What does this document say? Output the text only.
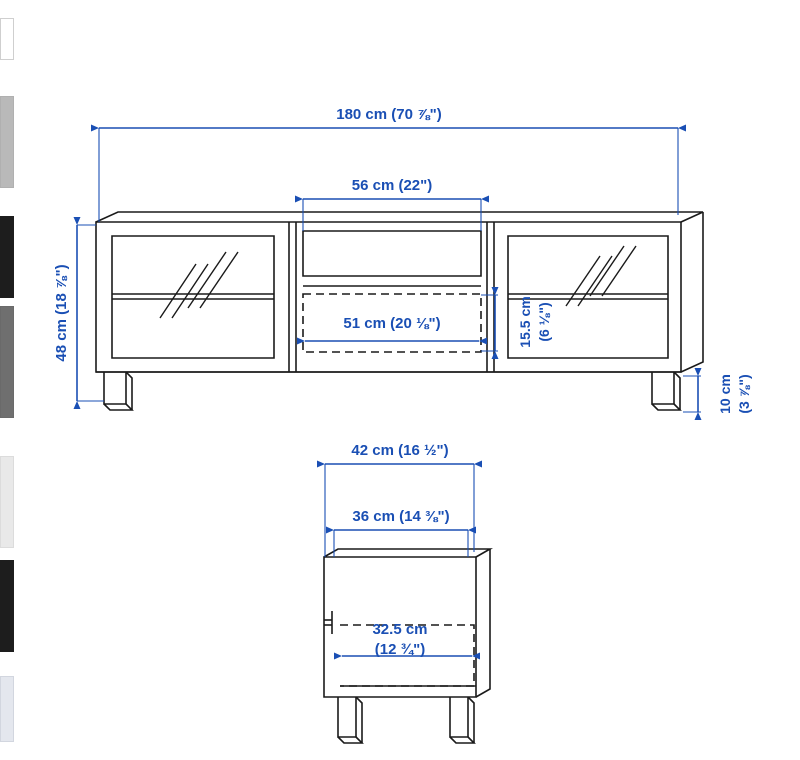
180 cm (70 ⅞")
56 cm (22")
51 cm (20 ⅛")
48 cm (18 ⅞")	15.5 cm (6 ⅛")
10 cm (3 ⅞")
42 cm (16 ½")
36 cm (14 ⅜")
32.5 cm
(12 ¾")
